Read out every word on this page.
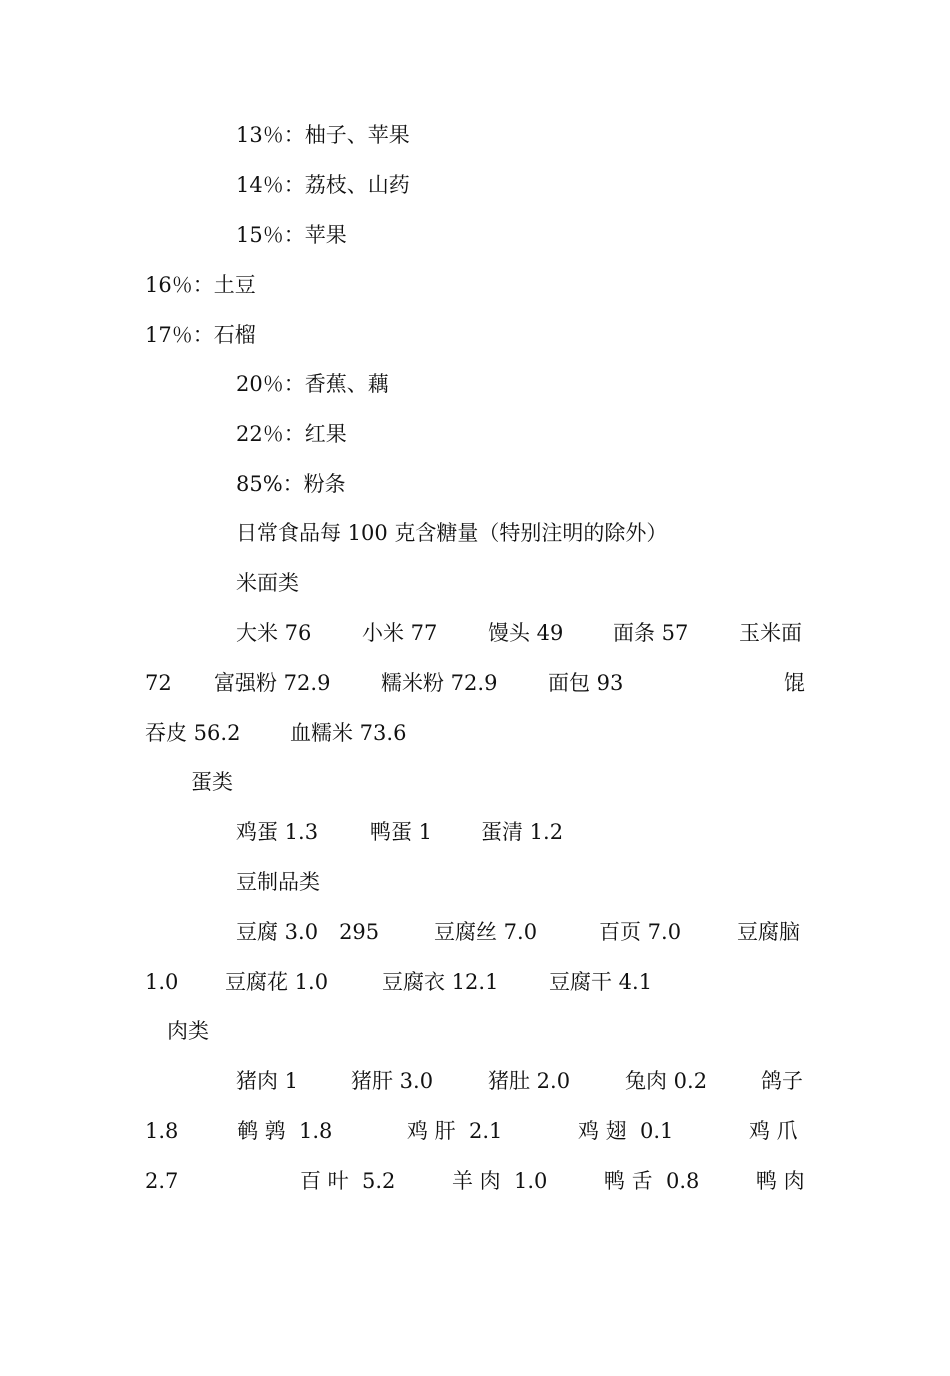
13％：柚子、苹果
14％：荔枝、山药
15％：苹果
16％：土豆
17％：石榴
20％：香蕉、藕
22％：红果
85%：粉条
日常食品每 100 克含糖量（特别注明的除外）
米面类

大米 76

小米 77

馒头 49

面条 57

玉米面

72

富强粉 72.9

糯米粉 72.9

面包 93

	馄

吞皮 56.2

血糯米 73.6

蛋类

鸡蛋 1.3

鸭蛋 1

蛋清 1.2

豆制品类

豆腐 3.0　295

	豆腐丝 7.0

	百页 7.0

	豆腐脑

1.0

豆腐花 1.0

	豆腐衣 12.1

豆腐干 4.1

肉类

猪肉 1

	猪肝 3.0

	猪肚 2.0

	兔肉 0.2

	鸽子

1.8

	鹌 鹑  1.8

	鸡 肝  2.1

	鸡 翅  0.1

	鸡 爪

2.7

	百 叶  5.2

	羊 肉  1.0

	鸭 舌  0.8

	鸭 肉
